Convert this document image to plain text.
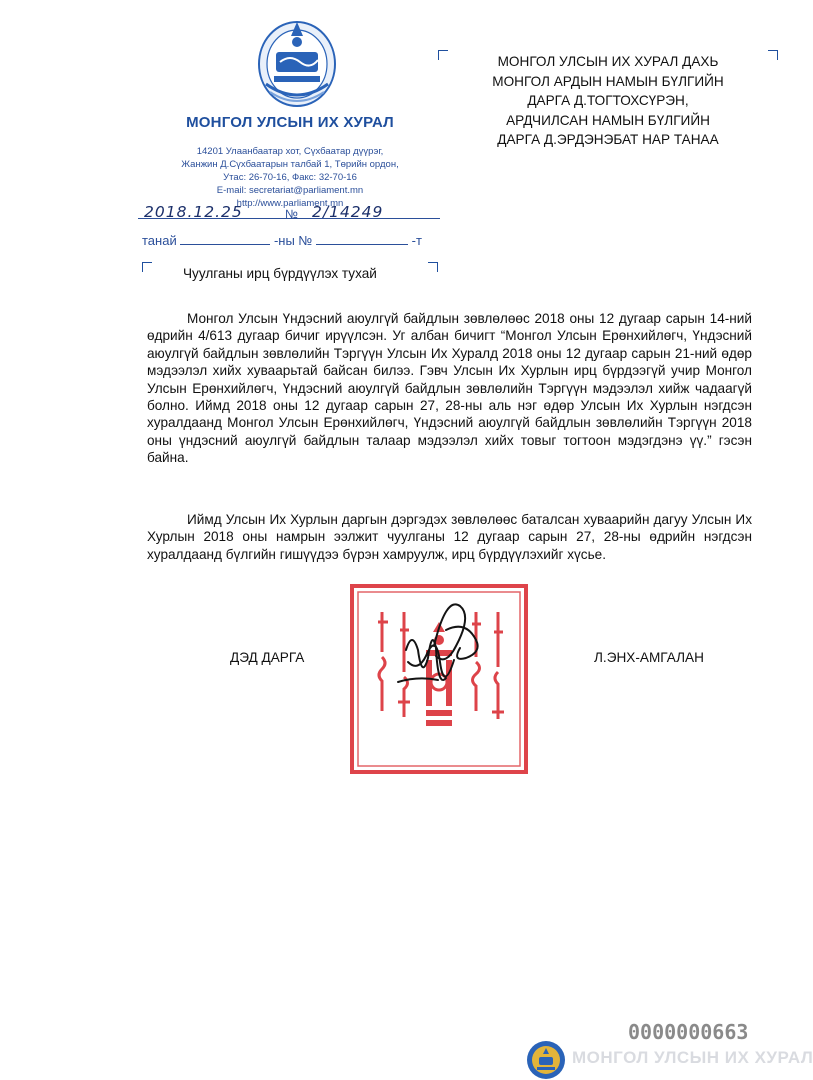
МОНГОЛ УЛСЫН ИХ ХУРАЛ
14201 Улаанбаатар хот, Сүхбаатар дүүрэг,
Жанжин Д.Сүхбаатарын талбай 1, Төрийн ордон,
Утас: 26-70-16, Факс: 32-70-16
E-mail: secretariat@parliament.mn
http://www.parliament.mn
МОНГОЛ УЛСЫН ИХ ХУРАЛ ДАХЬ
МОНГОЛ АРДЫН НАМЫН БҮЛГИЙН
ДАРГА Д.ТОГТОХСҮРЭН,
АРДЧИЛСАН НАМЫН БҮЛГИЙН
ДАРГА Д.ЭРДЭНЭБАТ НАР ТАНАА
2018.12.25	№ 2/14249
танай	-ны №	-т
Чуулганы ирц бүрдүүлэх тухай
Монгол Улсын Үндэсний аюулгүй байдлын зөвлөлөөс 2018 оны 12 дугаар сарын 14-ний өдрийн 4/613 дугаар бичиг ирүүлсэн. Уг албан бичигт “Монгол Улсын Ерөнхийлөгч, Үндэсний аюулгүй байдлын зөвлөлийн Тэргүүн Улсын Их Хуралд 2018 оны 12 дугаар сарын 21-ний өдөр мэдээлэл хийх хуваарьтай байсан билээ. Гэвч Улсын Их Хурлын ирц бүрдээгүй учир Монгол Улсын Ерөнхийлөгч, Үндэсний аюулгүй байдлын зөвлөлийн Тэргүүн мэдээлэл хийж чадаагүй болно. Иймд 2018 оны 12 дугаар сарын 27, 28-ны аль нэг өдөр Улсын Их Хурлын нэгдсэн хуралдаанд Монгол Улсын Ерөнхийлөгч, Үндэсний аюулгүй байдлын зөвлөлийн Тэргүүн 2018 оны үндэсний аюулгүй байдлын талаар мэдээлэл хийх товыг тогтоон мэдэгдэнэ үү.” гэсэн байна.
Иймд Улсын Их Хурлын даргын дэргэдэх зөвлөлөөс баталсан хуваарийн дагуу Улсын Их Хурлын 2018 оны намрын ээлжит чуулганы 12 дугаар сарын 27, 28-ны өдрийн нэгдсэн хуралдаанд бүлгийн гишүүдээ бүрэн хамруулж, ирц бүрдүүлэхийг хүсье.
ДЭД ДАРГА	Л.ЭНХ-АМГАЛАН
0000000663
МОНГОЛ УЛСЫН ИХ ХУРАЛ
